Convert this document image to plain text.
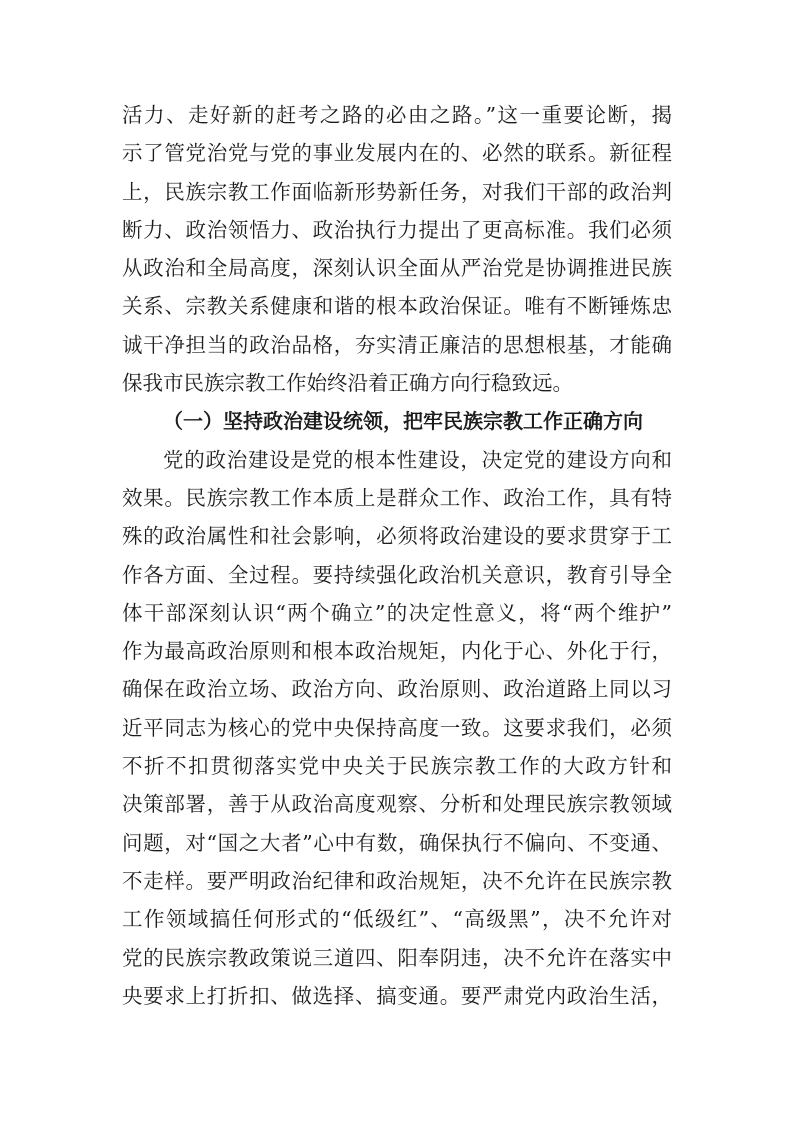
活力、走好新的赶考之路的必由之路。”这一重要论断，揭
示了管党治党与党的事业发展内在的、必然的联系。新征程
上，民族宗教工作面临新形势新任务，对我们干部的政治判
断力、政治领悟力、政治执行力提出了更高标准。我们必须
从政治和全局高度，深刻认识全面从严治党是协调推进民族
关系、宗教关系健康和谐的根本政治保证。唯有不断锤炼忠
诚干净担当的政治品格，夯实清正廉洁的思想根基，才能确
保我市民族宗教工作始终沿着正确方向行稳致远。
（一）坚持政治建设统领，把牢民族宗教工作正确方向
党的政治建设是党的根本性建设，决定党的建设方向和
效果。民族宗教工作本质上是群众工作、政治工作，具有特
殊的政治属性和社会影响，必须将政治建设的要求贯穿于工
作各方面、全过程。要持续强化政治机关意识，教育引导全
体干部深刻认识“两个确立”的决定性意义，将“两个维护”
作为最高政治原则和根本政治规矩，内化于心、外化于行，
确保在政治立场、政治方向、政治原则、政治道路上同以习
近平同志为核心的党中央保持高度一致。这要求我们，必须
不折不扣贯彻落实党中央关于民族宗教工作的大政方针和
决策部署，善于从政治高度观察、分析和处理民族宗教领域
问题，对“国之大者”心中有数，确保执行不偏向、不变通、
不走样。要严明政治纪律和政治规矩，决不允许在民族宗教
工作领域搞任何形式的“低级红”、“高级黑”，决不允许对
党的民族宗教政策说三道四、阳奉阴违，决不允许在落实中
央要求上打折扣、做选择、搞变通。要严肃党内政治生活，
